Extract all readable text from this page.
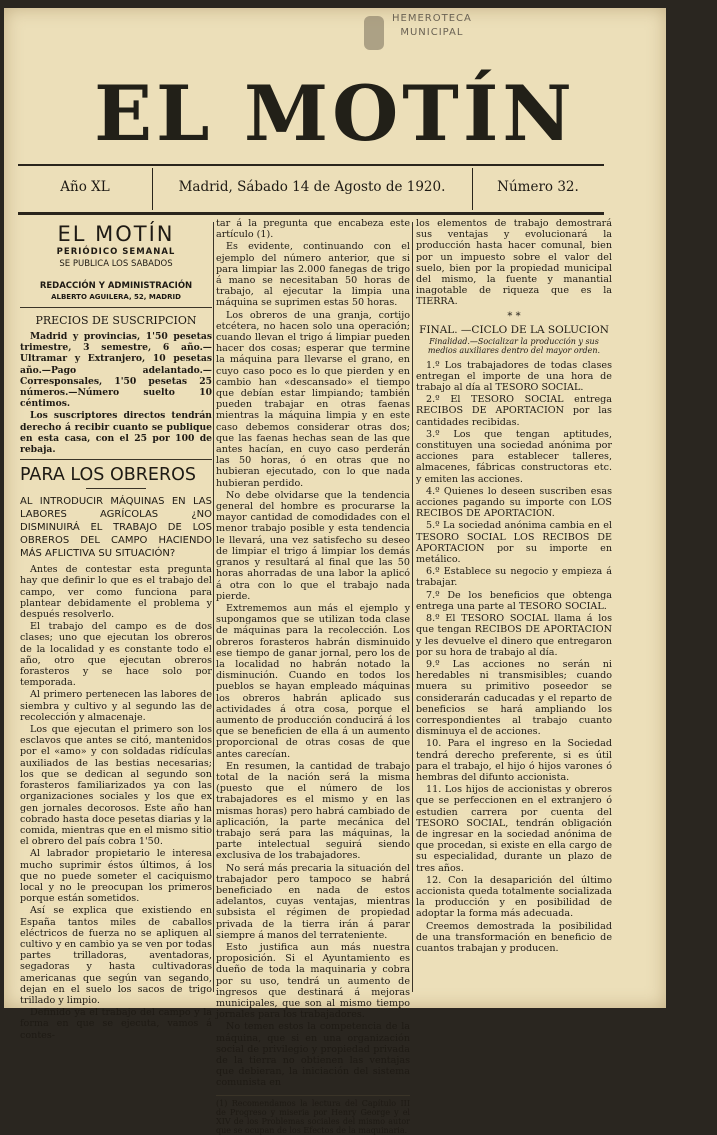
HEMEROTECA
MUNICIPAL
EL MOTÍN
Año XL	Madrid, Sábado 14 de Agosto de 1920.	Número 32.
EL MOTÍN
PERIÓDICO SEMANAL
SE PUBLICA LOS SABADOS
REDACCIÓN Y ADMINISTRACIÓN
ALBERTO AGUILERA, 52, MADRID
PRECIOS DE SUSCRIPCION

Madrid y provincias, 1'50 pesetas trimestre, 3 semestre, 6 año.—Ultramar y Extranjero, 10 pesetas año.—Pago adelantado.—Corresponsales, 1'50 pesetas 25 números.—Número suelto 10 céntimos.

Los suscriptores directos tendrán derecho á recibir cuanto se publique en esta casa, con el 25 por 100 de rebaja.

PARA LOS OBREROS
AL INTRODUCIR MÁQUINAS EN LAS LABORES AGRÍCOLAS ¿NO DISMINUIRÁ EL TRABAJO DE LOS OBREROS DEL CAMPO HACIENDO MÁS AFLICTIVA SU SITUACIÓN?

Antes de contestar esta pregunta hay que definir lo que es el trabajo del campo, ver como funciona para plantear debidamente el problema y después resolverlo.

El trabajo del campo es de dos clases; uno que ejecutan los obreros de la localidad y es constante todo el año, otro que ejecutan obreros forasteros y se hace solo por temporada.

Al primero pertenecen las labores de siembra y cultivo y al segundo las de recolección y almacenaje.

Los que ejecutan el primero son los esclavos que antes se citó, mantenidos por el «amo» y con soldadas ridículas auxiliados de las bestias necesarias; los que se dedican al segundo son forasteros familiarizados ya con las organizaciones sociales y los que ex gen jornales decorosos. Este año han cobrado hasta doce pesetas diarias y la comida, mientras que en el mismo sitio el obrero del país cobra 1'50.

Al labrador propietario le interesa mucho suprimir éstos últimos, á los que no puede someter el caciquismo local y no le preocupan los primeros porque están sometidos.

Así se explica que existiendo en España tantos miles de caballos eléctricos de fuerza no se apliquen al cultivo y en cambio ya se ven por todas partes trilladoras, aventadoras, segadoras y hasta cultivadoras americanas que según van segando, dejan en el suelo los sacos de trigo trillado y limpio.

Definido ya el trabajo del campo y la forma en que se ejecuta, vamos á contes-

tar á la pregunta que encabeza este artículo (1).

Es evidente, continuando con el ejemplo del número anterior, que si para limpiar las 2.000 fanegas de trigo á mano se necesitaban 50 horas de trabajo, al ejecutar la limpia una máquina se suprimen estas 50 horas.

Los obreros de una granja, cortijo etcétera, no hacen solo una operación; cuando llevan el trigo á limpiar pueden hacer dos cosas; esperar que termine la máquina para llevarse el grano, en cuyo caso poco es lo que pierden y en cambio han «descansado» el tiempo que debían estar limpiando; también pueden trabajar en otras faenas mientras la máquina limpia y en este caso debemos considerar otras dos; que las faenas hechas sean de las que antes hacían, en cuyo caso perderán las 50 horas, ó en otras que no hubieran ejecutado, con lo que nada hubieran perdido.

No debe olvidarse que la tendencia general del hombre es procurarse la mayor cantidad de comodidades con el menor trabajo posible y esta tendencia le llevará, una vez satisfecho su deseo de limpiar el trigo á limpiar los demás granos y resultará al final que las 50 horas ahorradas de una labor la aplicó á otra con lo que el trabajo nada pierde.

Extrememos aun más el ejemplo y supongamos que se utilizan toda clase de máquinas para la recolección. Los obreros forasteros habrán disminuido ese tiempo de ganar jornal, pero los de la localidad no habrán notado la disminución. Cuando en todos los pueblos se hayan empleado máquinas los obreros habrán aplicado sus actividades á otra cosa, porque el aumento de producción conducirá á los que se beneficien de ella á un aumento proporcional de otras cosas de que antes carecían.

En resumen, la cantidad de trabajo total de la nación será la misma (puesto que el número de los trabajadores es el mismo y en las mismas horas) pero habrá cambiado de aplicación, la parte mecánica del trabajo será para las máquinas, la parte intelectual seguirá siendo exclusiva de los trabajadores.

No será más precaria la situación del trabajador pero tampoco se habrá beneficiado en nada de estos adelantos, cuyas ventajas, mientras subsista el régimen de propiedad privada de la tierra irán á parar siempre á manos del terrateniente.

Esto justifica aun más nuestra proposición. Si el Ayuntamiento es dueño de toda la maquinaria y cobra por su uso, tendrá un aumento de ingresos que destinará á mejoras municipales, que son al mismo tiempo jornales para los trabajadores.

No temen estos la competencia de la máquina, que si en una organización social de privilegio y propiedad privada de la tierra no obtienen las ventajas que debieran, la iniciación del sistema comunista en

(1) Recomendamos la lectura del Capítulo III de Progreso y miseria por Henry George y el XIV de los Problemas sociales del mismo autor que se ocupan de los Efectos de la maquinaria.

los elementos de trabajo demostrará sus ventajas y evolucionará la producción hasta hacer comunal, bien por un impuesto sobre el valor del suelo, bien por la propiedad municipal del mismo, la fuente y manantial inagotable de riqueza que es la TIERRA.

* *
FINAL. —CICLO DE LA SOLUCION
Finalidad.—Socializar la producción y sus medios auxiliares dentro del mayor orden.

1.º Los trabajadores de todas clases entregan el importe de una hora de trabajo al día al TESORO SOCIAL.

2.º El TESORO SOCIAL entrega RECIBOS DE APORTACION por las cantidades recibidas.

3.º Los que tengan aptitudes, constituyen una sociedad anónima por acciones para establecer talleres, almacenes, fábricas constructoras etc. y emiten las acciones.

4.º Quienes lo deseen suscriben esas acciones pagando su importe con LOS RECIBOS DE APORTACION.

5.º La sociedad anónima cambia en el TESORO SOCIAL LOS RECIBOS DE APORTACION por su importe en metálico.

6.º Establece su negocio y empieza á trabajar.

7.º De los beneficios que obtenga entrega una parte al TESORO SOCIAL.

8.º El TESORO SOCIAL llama á los que tengan RECIBOS DE APORTACION y les devuelve el dinero que entregaron por su hora de trabajo al día.

9.º Las acciones no serán ni heredables ni transmisibles; cuando muera su primitivo poseedor se considerarán caducadas y el reparto de beneficios se hará ampliando los correspondientes al trabajo cuanto disminuya el de acciones.

10. Para el ingreso en la Sociedad tendrá derecho preferente, si es útil para el trabajo, el hijo ó hijos varones ó hembras del difunto accionista.

11. Los hijos de accionistas y obreros que se perfeccionen en el extranjero ó estudien carrera por cuenta del TESORO SOCIAL, tendrán obligación de ingresar en la sociedad anónima de que procedan, si existe en ella cargo de su especialidad, durante un plazo de tres años.

12. Con la desaparición del último accionista queda totalmente socializada la producción y en posibilidad de adoptar la forma más adecuada.

Creemos demostrada la posibilidad de una transformación en beneficio de cuantos trabajan y producen.
